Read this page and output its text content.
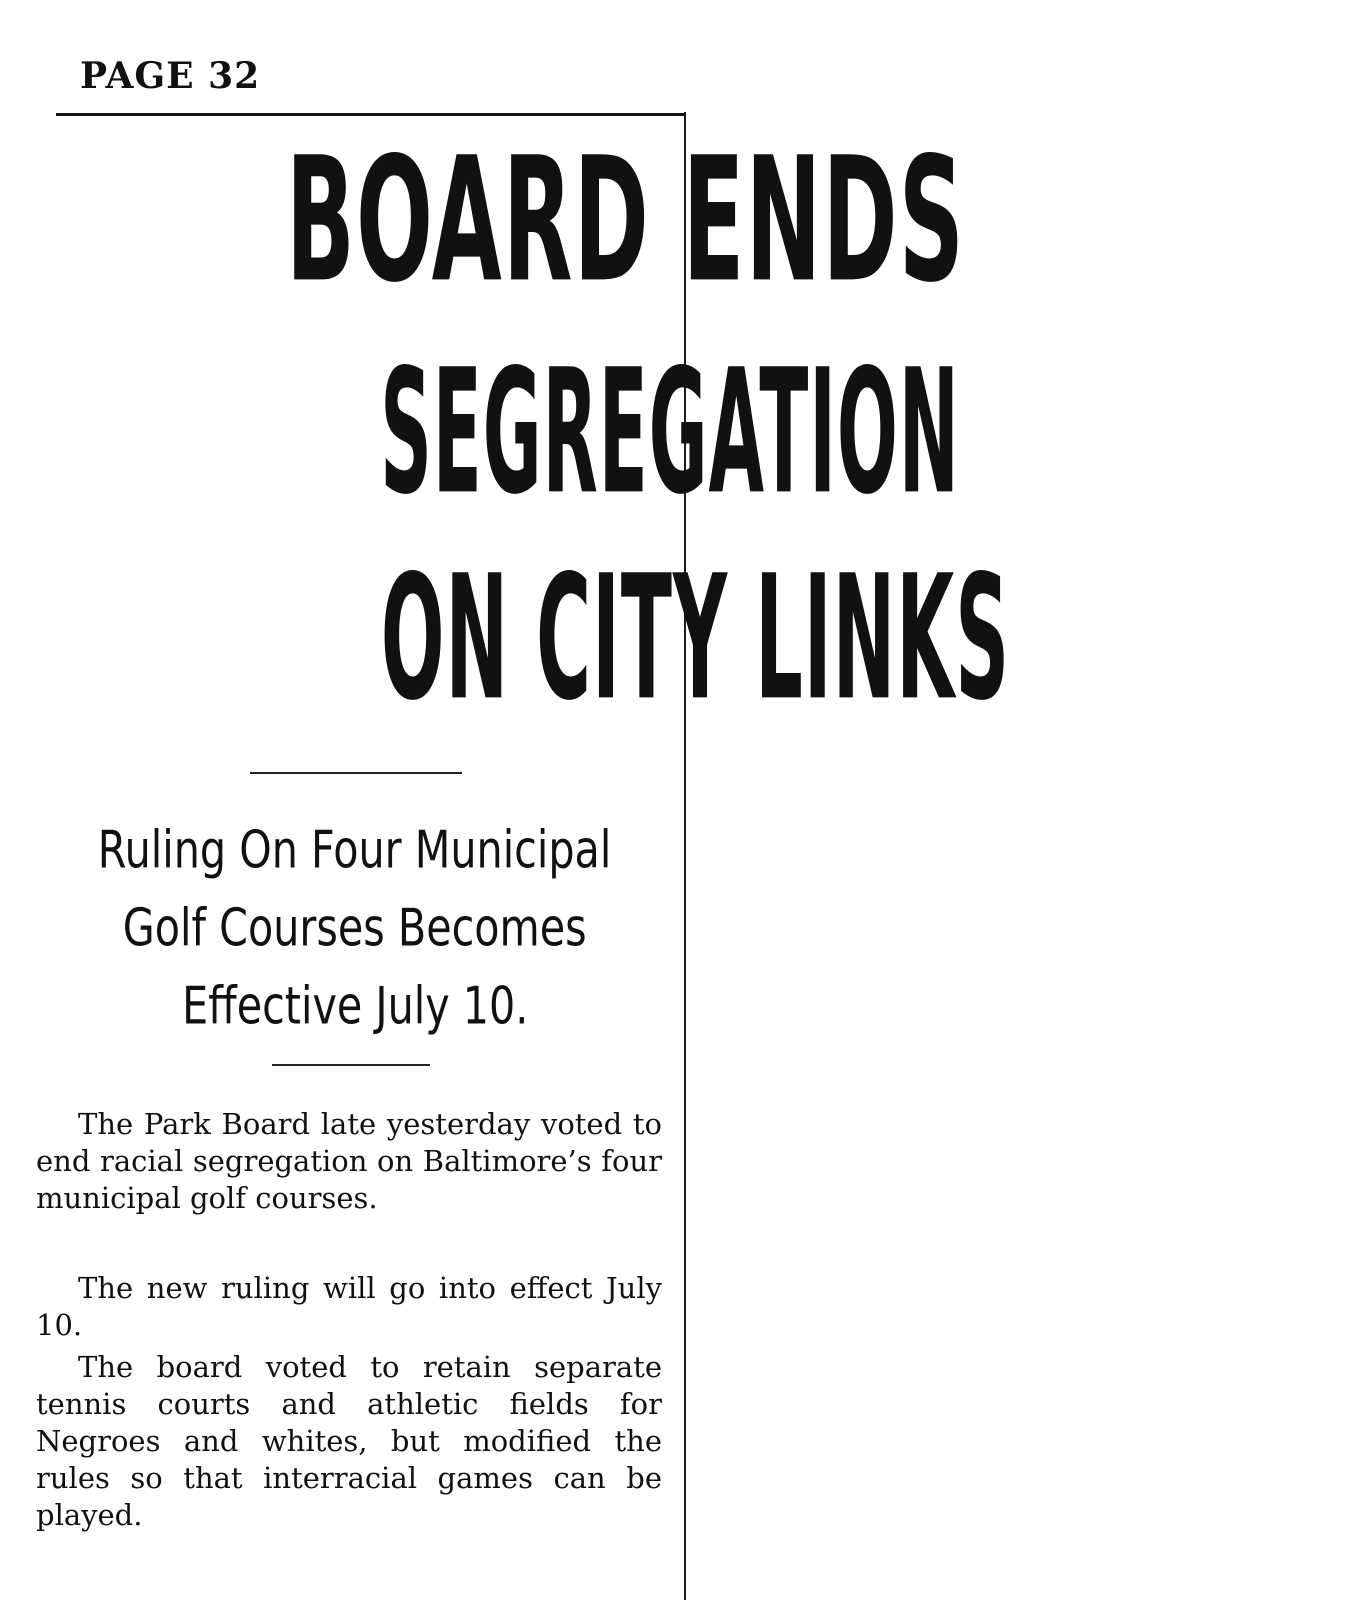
PAGE 32
BOARD ENDS
SEGREGATION
ON CITY LINKS
Ruling On Four Municipal
Golf Courses Becomes
Effective July 10.

The Park Board late yesterday voted to end racial segregation on Baltimore’s four municipal golf courses.

The new ruling will go into effect July 10.

The board voted to retain separate tennis courts and athletic fields for Negroes and whites, but modified the rules so that interracial games can be played.
